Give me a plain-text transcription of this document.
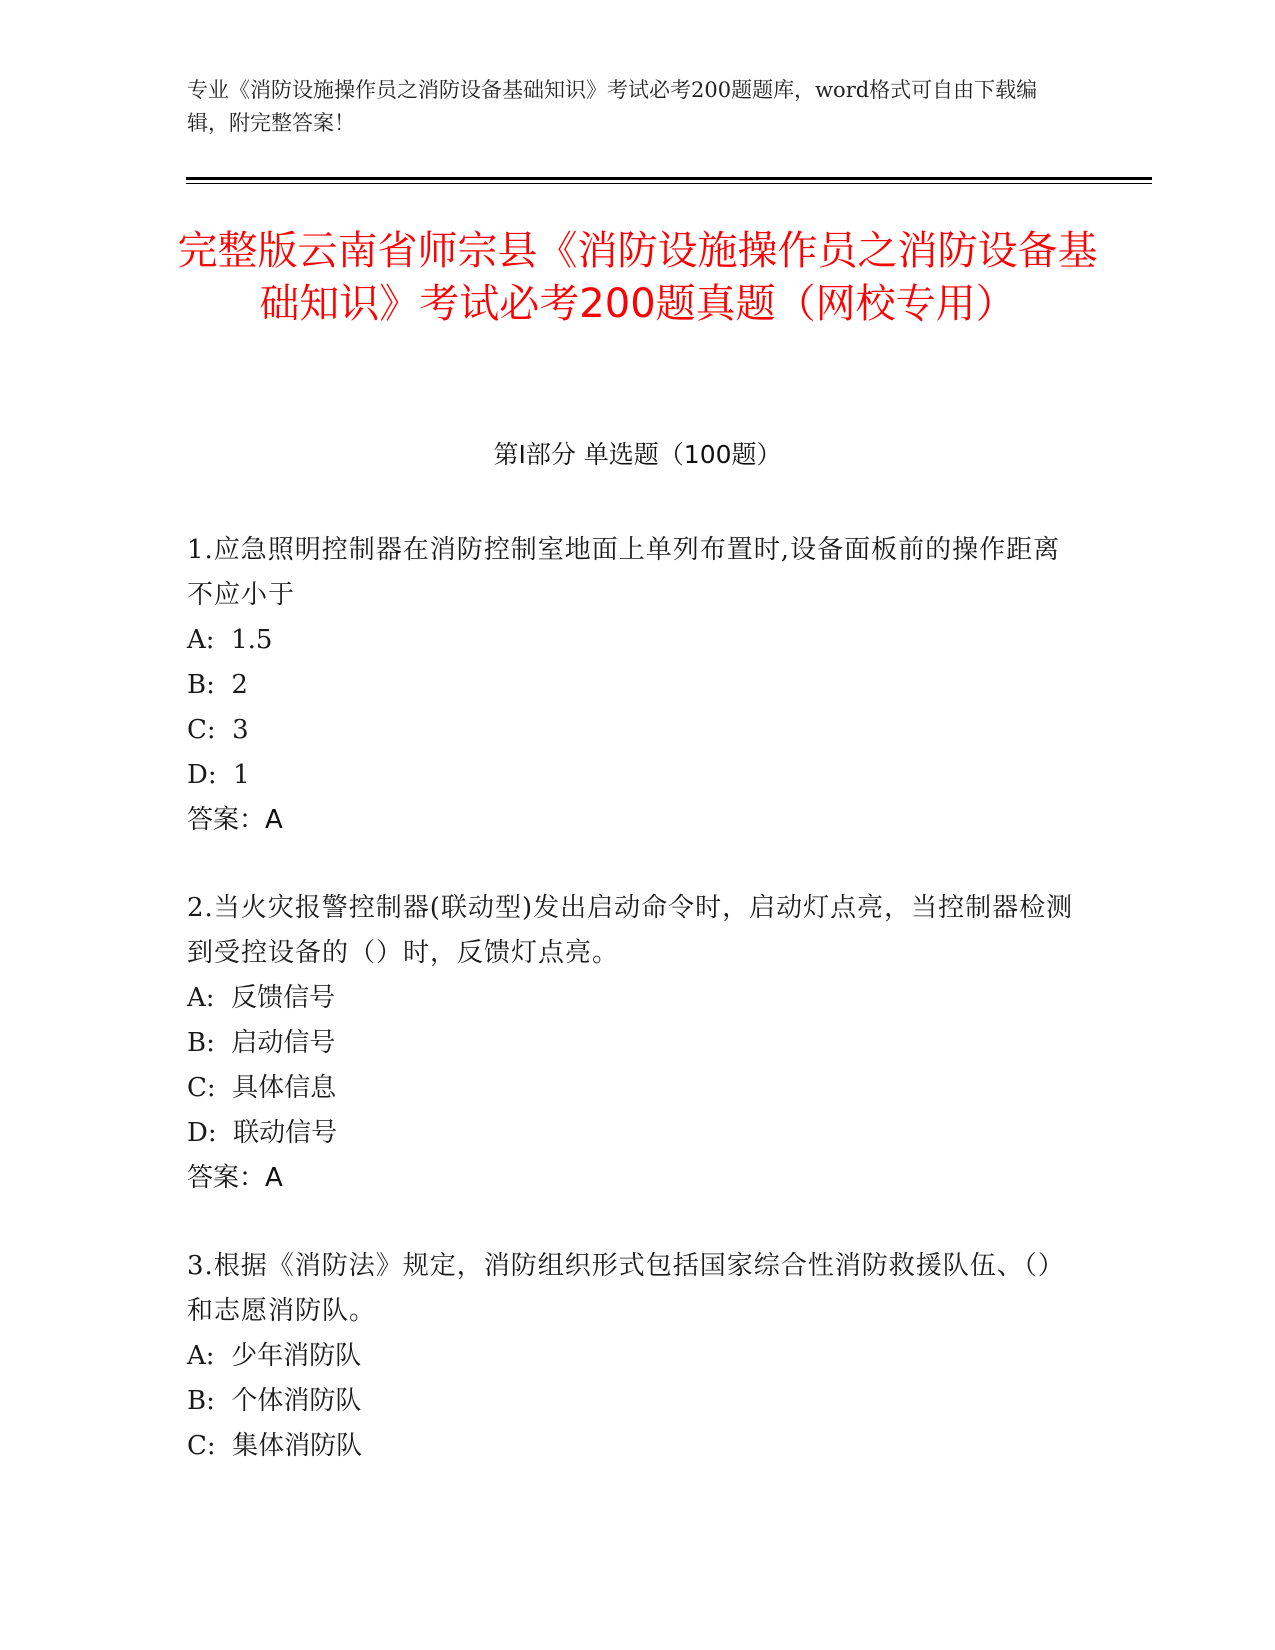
专业《消防设施操作员之消防设备基础知识》考试必考200题题库，word格式可自由下载编辑，附完整答案！
完整版云南省师宗县《消防设施操作员之消防设备基础知识》考试必考200题真题（网校专用）
第I部分 单选题（100题）
1.应急照明控制器在消防控制室地面上单列布置时,设备面板前的操作距离不应小于
A:  1.5
B:  2
C:  3
D:  1
答案：A
2.当火灾报警控制器(联动型)发出启动命令时，启动灯点亮，当控制器检测到受控设备的（）时，反馈灯点亮。
A:  反馈信号
B:  启动信号
C:  具体信息
D:  联动信号
答案：A
3.根据《消防法》规定，消防组织形式包括国家综合性消防救援队伍、（）和志愿消防队。
A:  少年消防队
B:  个体消防队
C:  集体消防队
